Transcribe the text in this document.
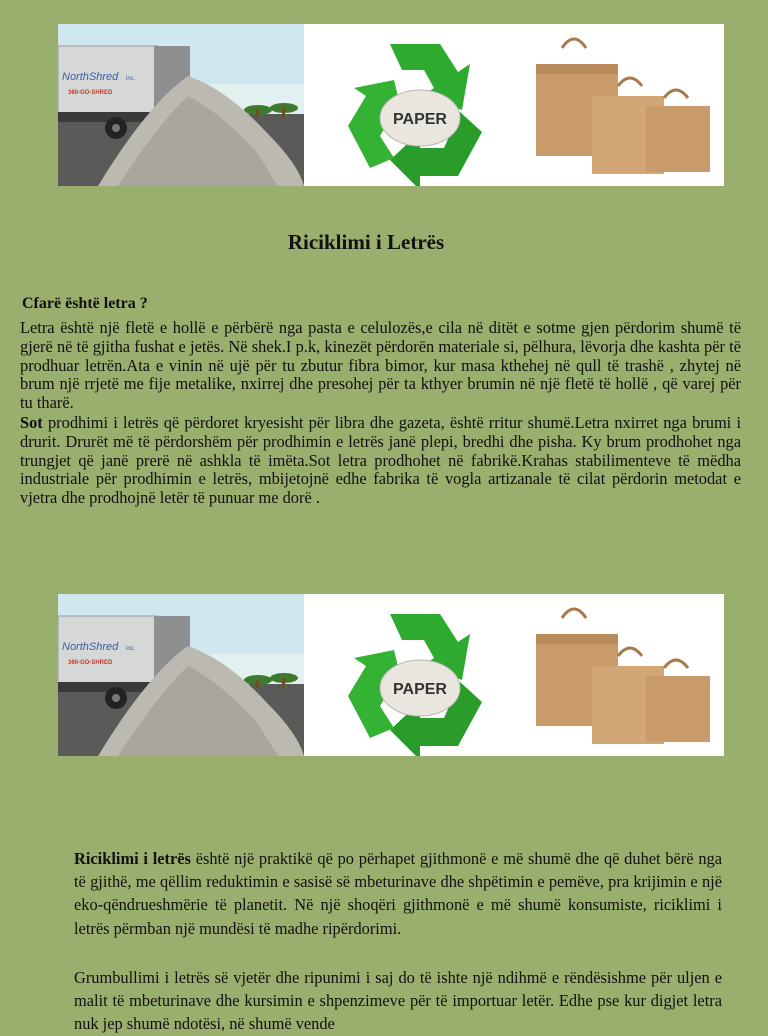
NorthShred inc.
360-GO-SHRED
PAPER
Riciklimi i Letrës
Cfarë është letra ?

Letra është një fletë e hollë e përbërë nga pasta e celulozës,e cila në ditët e sotme gjen përdorim shumë të gjerë në të gjitha fushat e jetës. Në shek.I p.k, kinezët përdorën materiale si, pëlhura, lëvorja dhe kashta për të prodhuar letrën.Ata e vinin në ujë për tu zbutur fibra bimor, kur masa kthehej në qull të trashë , zhytej në brum një rrjetë me fije metalike, nxirrej dhe presohej për ta kthyer brumin në një fletë të hollë , që varej për tu tharë.

Sot prodhimi i letrës që përdoret kryesisht për libra dhe gazeta, është rritur shumë.Letra nxirret nga brumi i drurit. Drurët më të përdorshëm për prodhimin e letrës janë plepi, bredhi dhe pisha. Ky brum prodhohet nga trungjet që janë prerë në ashkla të imëta.Sot letra prodhohet në fabrikë.Krahas stabilimenteve të mëdha industriale për prodhimin e letrës, mbijetojnë edhe fabrika të vogla artizanale të cilat përdorin metodat e vjetra dhe prodhojnë letër të punuar me dorë .

NorthShred inc.
360-GO-SHRED
PAPER

Riciklimi i letrës është një praktikë që po përhapet gjithmonë e më shumë dhe që duhet bërë nga të gjithë, me qëllim reduktimin e sasisë së mbeturinave dhe shpëtimin e pemëve, pra krijimin e një eko-qëndrueshmërie të planetit. Në një shoqëri gjithmonë e më shumë konsumiste, riciklimi i letrës përmban një mundësi të madhe ripërdorimi.

Grumbullimi i letrës së vjetër dhe ripunimi i saj do të ishte një ndihmë e rëndësishme për uljen e malit të mbeturinave dhe kursimin e shpenzimeve për të importuar letër. Edhe pse kur digjet letra nuk jep shumë ndotësi, në shumë vende
